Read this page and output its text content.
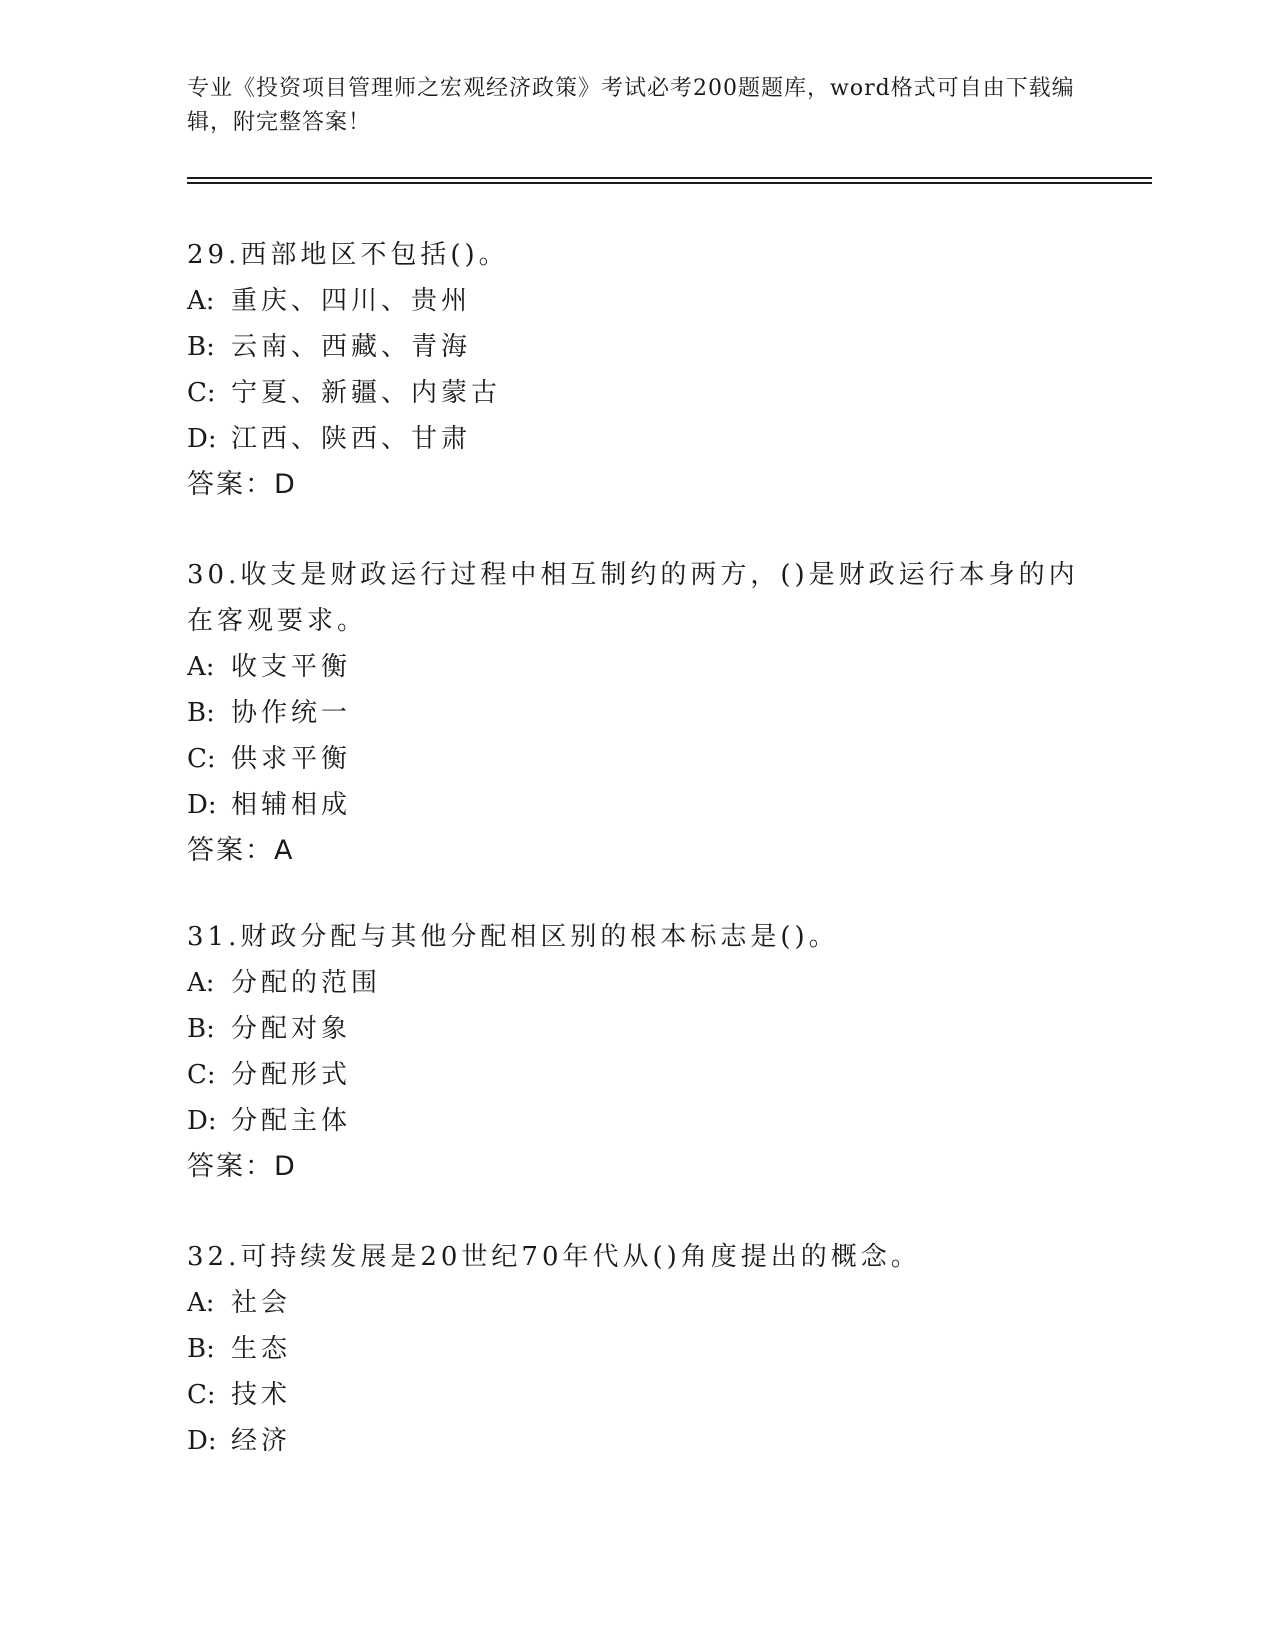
专业《投资项目管理师之宏观经济政策》考试必考200题题库，word格式可自由下载编辑，附完整答案！
29.西部地区不包括()。
A: 重庆、四川、贵州
B: 云南、西藏、青海
C: 宁夏、新疆、内蒙古
D: 江西、陕西、甘肃
答案：D
30.收支是财政运行过程中相互制约的两方，()是财政运行本身的内在客观要求。
A: 收支平衡
B: 协作统一
C: 供求平衡
D: 相辅相成
答案：A
31.财政分配与其他分配相区别的根本标志是()。
A: 分配的范围
B: 分配对象
C: 分配形式
D: 分配主体
答案：D
32.可持续发展是20世纪70年代从()角度提出的概念。
A: 社会
B: 生态
C: 技术
D: 经济
